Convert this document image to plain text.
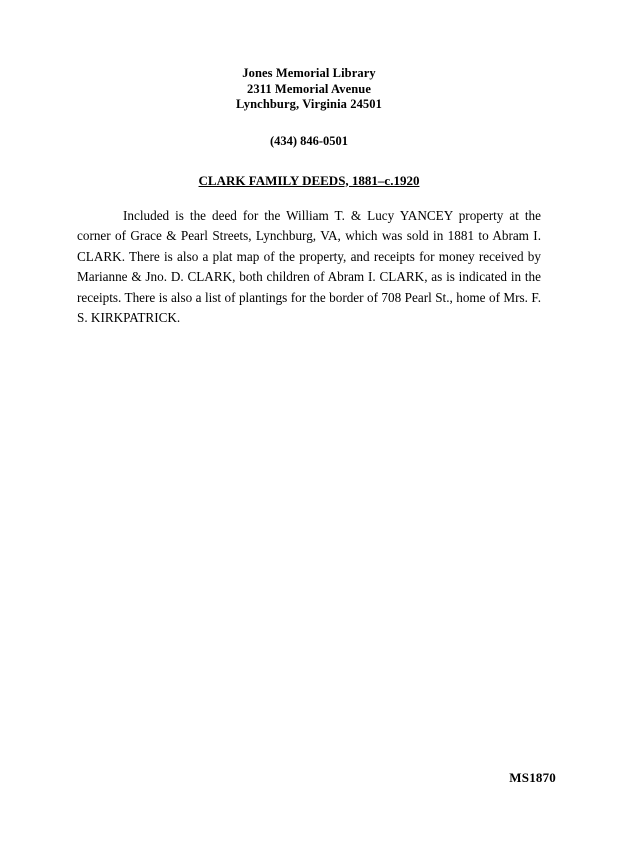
Jones Memorial Library
2311 Memorial Avenue
Lynchburg, Virginia 24501
(434) 846-0501
CLARK FAMILY DEEDS, 1881–c.1920
Included is the deed for the William T. & Lucy YANCEY property at the corner of Grace & Pearl Streets, Lynchburg, VA, which was sold in 1881 to Abram I. CLARK. There is also a plat map of the property, and receipts for money received by Marianne & Jno. D. CLARK, both children of Abram I. CLARK, as is indicated in the receipts. There is also a list of plantings for the border of 708 Pearl St., home of Mrs. F. S. KIRKPATRICK.
MS1870
